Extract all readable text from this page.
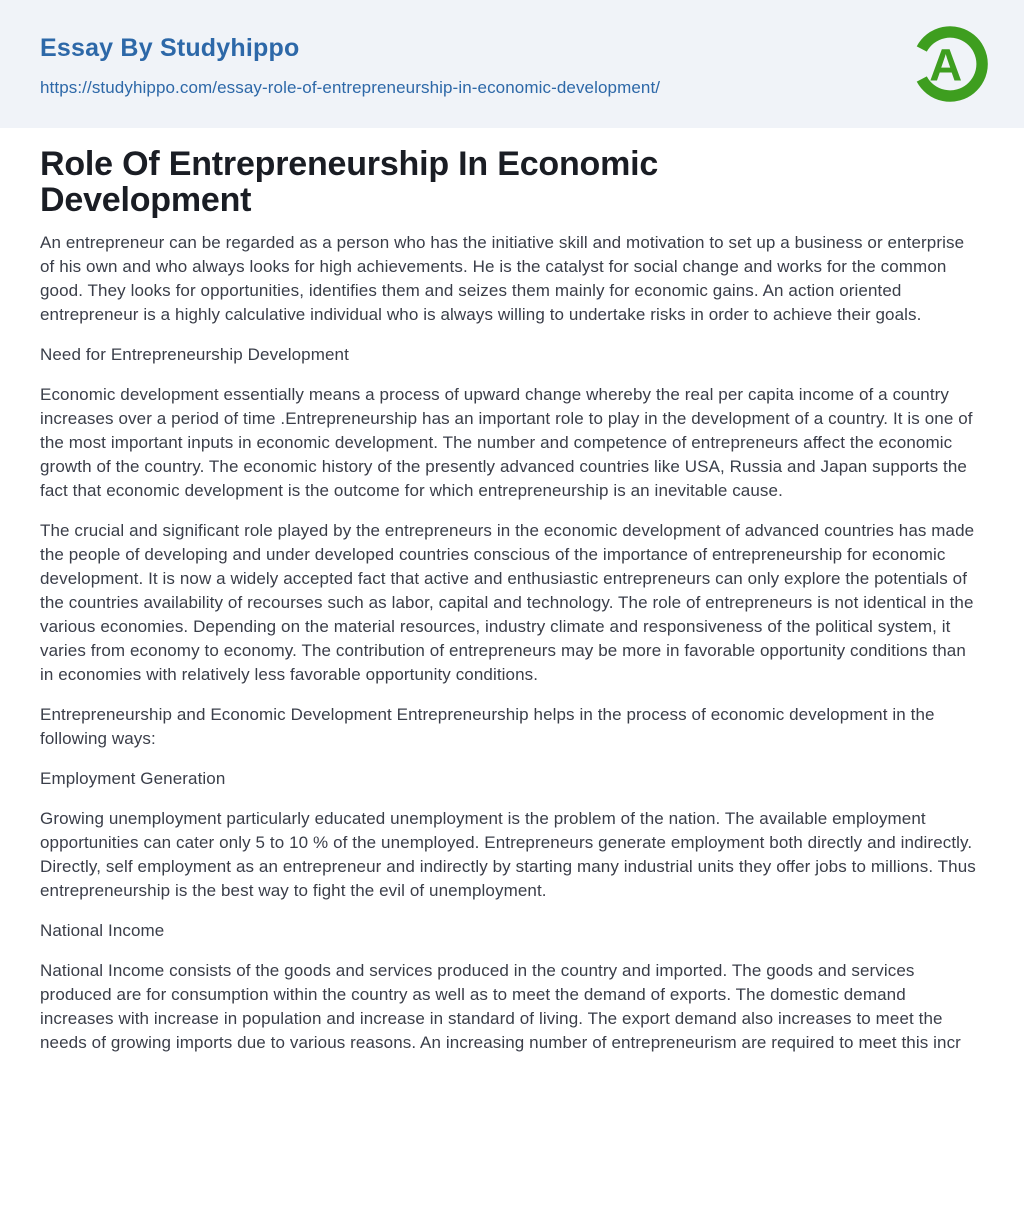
Essay By Studyhippo
https://studyhippo.com/essay-role-of-entrepreneurship-in-economic-development/	A
Role Of Entrepreneurship In Economic Development

An entrepreneur can be regarded as a person who has the initiative skill and motivation to set up a business or enterprise of his own and who always looks for high achievements. He is the catalyst for social change and works for the common good. They looks for opportunities, identifies them and seizes them mainly for economic gains. An action oriented entrepreneur is a highly calculative individual who is always willing to undertake risks in order to achieve their goals.

Need for Entrepreneurship Development

Economic development essentially means a process of upward change whereby the real per capita income of a country increases over a period of time .Entrepreneurship has an important role to play in the development of a country. It is one of the most important inputs in economic development. The number and competence of entrepreneurs affect the economic growth of the country. The economic history of the presently advanced countries like USA, Russia and Japan supports the fact that economic development is the outcome for which entrepreneurship is an inevitable cause.

The crucial and significant role played by the entrepreneurs in the economic development of advanced countries has made the people of developing and under developed countries conscious of the importance of entrepreneurship for economic development. It is now a widely accepted fact that active and enthusiastic entrepreneurs can only explore the potentials of the countries availability of recourses such as labor, capital and technology. The role of entrepreneurs is not identical in the various economies. Depending on the material resources, industry climate and responsiveness of the political system, it varies from economy to economy. The contribution of entrepreneurs may be more in favorable opportunity conditions than in economies with relatively less favorable opportunity conditions.

Entrepreneurship and Economic Development Entrepreneurship helps in the process of economic development in the following ways:

Employment Generation

Growing unemployment particularly educated unemployment is the problem of the nation. The available employment opportunities can cater only 5 to 10 % of the unemployed. Entrepreneurs generate employment both directly and indirectly. Directly, self employment as an entrepreneur and indirectly by starting many industrial units they offer jobs to millions. Thus entrepreneurship is the best way to fight the evil of unemployment.

National Income

National Income consists of the goods and services produced in the country and imported. The goods and services produced are for consumption within the country as well as to meet the demand of exports. The domestic demand increases with increase in population and increase in standard of living. The export demand also increases to meet the needs of growing imports due to various reasons. An increasing number of entrepreneurism are required to meet this incr
